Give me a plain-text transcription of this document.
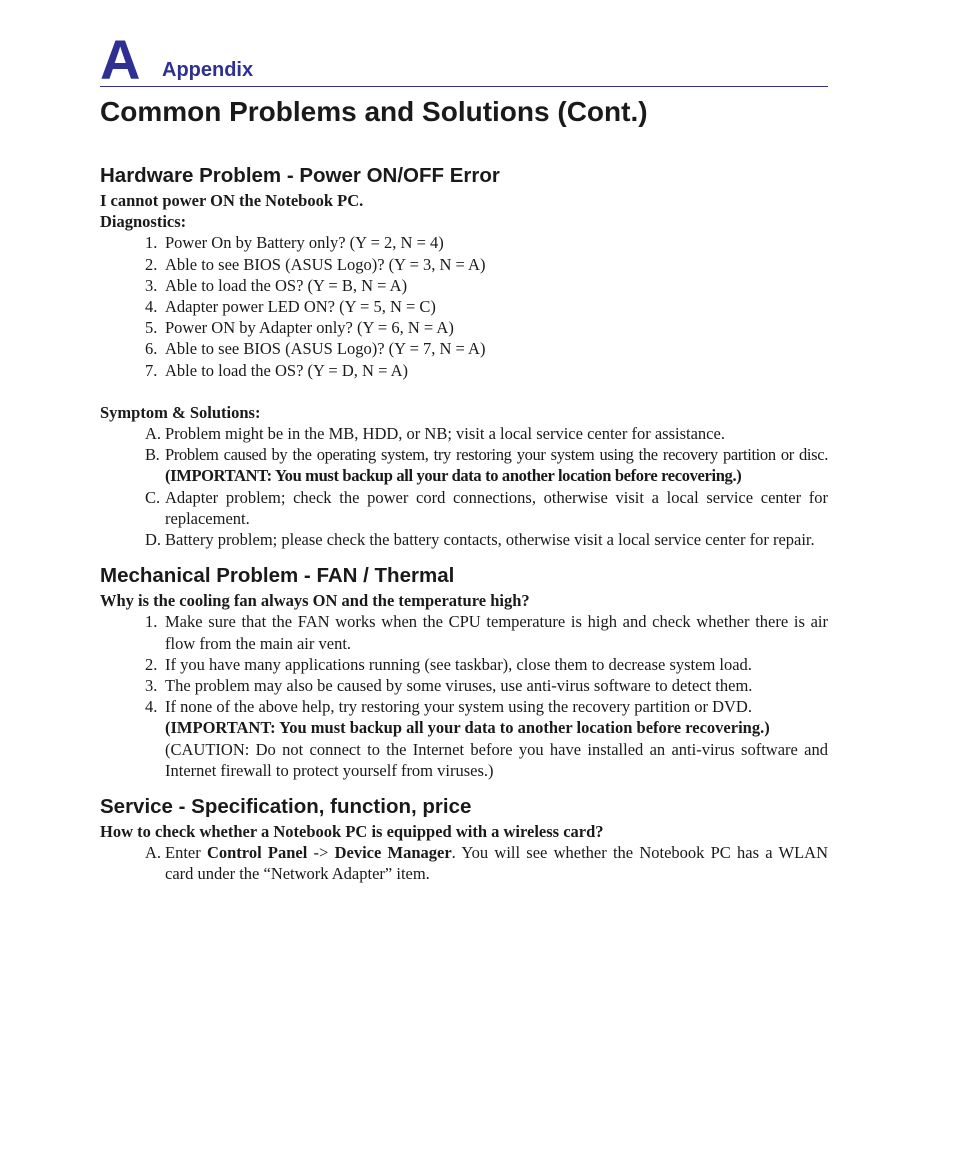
A Appendix
Common Problems and Solutions (Cont.)
Hardware Problem - Power ON/OFF Error
I cannot power ON the Notebook PC.
Diagnostics:
1. Power On by Battery only? (Y = 2, N = 4)
2. Able to see BIOS (ASUS Logo)? (Y = 3, N = A)
3. Able to load the OS? (Y = B, N = A)
4. Adapter power LED ON? (Y = 5, N = C)
5. Power ON by Adapter only? (Y = 6, N = A)
6. Able to see BIOS (ASUS Logo)? (Y = 7, N = A)
7. Able to load the OS? (Y = D, N = A)
Symptom & Solutions:
A. Problem might be in the MB, HDD, or NB; visit a local service center for assistance.
B. Problem caused by the operating system, try restoring your system using the recovery partition or disc. (IMPORTANT: You must backup all your data to another location before recovering.)
C. Adapter problem; check the power cord connections, otherwise visit a local service center for replacement.
D. Battery problem; please check the battery contacts, otherwise visit a local service center for repair.
Mechanical Problem - FAN / Thermal
Why is the cooling fan always ON and the temperature high?
1. Make sure that the FAN works when the CPU temperature is high and check whether there is air flow from the main air vent.
2. If you have many applications running (see taskbar), close them to decrease system load.
3. The problem may also be caused by some viruses, use anti-virus software to detect them.
4. If none of the above help, try restoring your system using the recovery partition or DVD.
(IMPORTANT: You must backup all your data to another location before recovering.)
(CAUTION: Do not connect to the Internet before you have installed an anti-virus software and Internet firewall to protect yourself from viruses.)
Service - Specification, function, price
How to check whether a Notebook PC is equipped with a wireless card?
A. Enter Control Panel -> Device Manager. You will see whether the Notebook PC has a WLAN card under the “Network Adapter” item.
